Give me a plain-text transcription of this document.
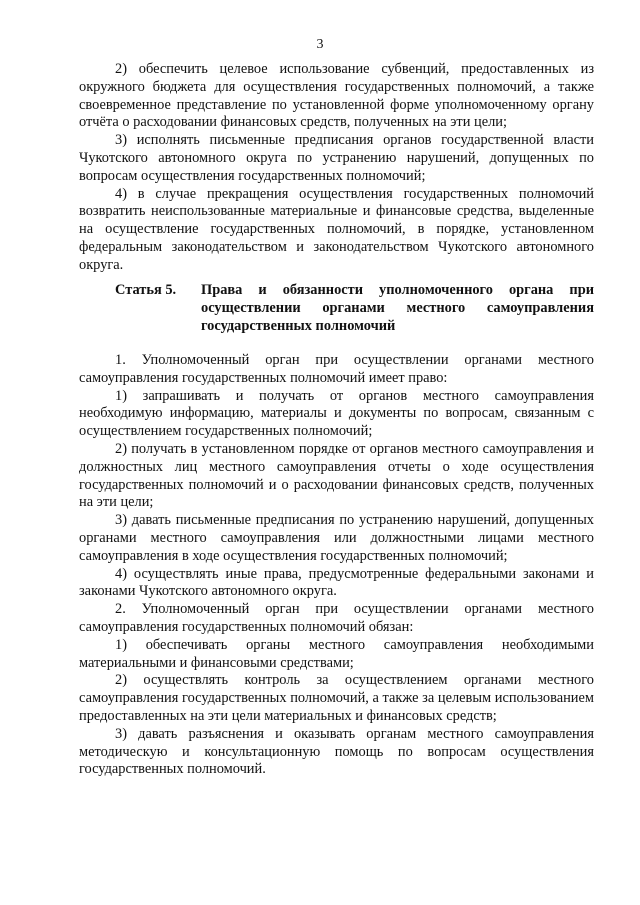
3

2) обеспечить целевое использование субвенций, предоставленных из окружного бюджета для осуществления государственных полномочий, а также своевременное представление по установленной форме уполномоченному органу отчёта о расходовании финансовых средств, полученных на эти цели;

3) исполнять письменные предписания органов государственной власти Чукотского автономного округа по устранению нарушений, допущенных по вопросам осуществления государственных полномочий;

4) в случае прекращения осуществления государственных полномочий возвратить неиспользованные материальные и финансовые средства, выделенные на осуществление государственных полномочий, в порядке, установленном федеральным законодательством и законодательством Чукотского автономного округа.

Статья 5.	Права и обязанности уполномоченного органа при осуществлении органами местного самоуправления государственных полномочий

1. Уполномоченный орган при осуществлении органами местного самоуправления государственных полномочий имеет право:

1) запрашивать и получать от органов местного самоуправления необходимую информацию, материалы и документы по вопросам, связанным с осуществлением государственных полномочий;

2) получать в установленном порядке от органов местного самоуправления и должностных лиц местного самоуправления отчеты о ходе осуществления государственных полномочий и о расходовании финансовых средств, полученных на эти цели;

3) давать письменные предписания по устранению нарушений, допущенных органами местного самоуправления или должностными лицами местного самоуправления в ходе осуществления государственных полномочий;

4) осуществлять иные права, предусмотренные федеральными законами и законами Чукотского автономного округа.

2. Уполномоченный орган при осуществлении органами местного самоуправления государственных полномочий обязан:

1) обеспечивать органы местного самоуправления необходимыми материальными и финансовыми средствами;

2) осуществлять контроль за осуществлением органами местного самоуправления государственных полномочий, а также за целевым использованием предоставленных на эти цели материальных и финансовых средств;

3) давать разъяснения и оказывать органам местного самоуправления методическую и консультационную помощь по вопросам осуществления государственных полномочий.
